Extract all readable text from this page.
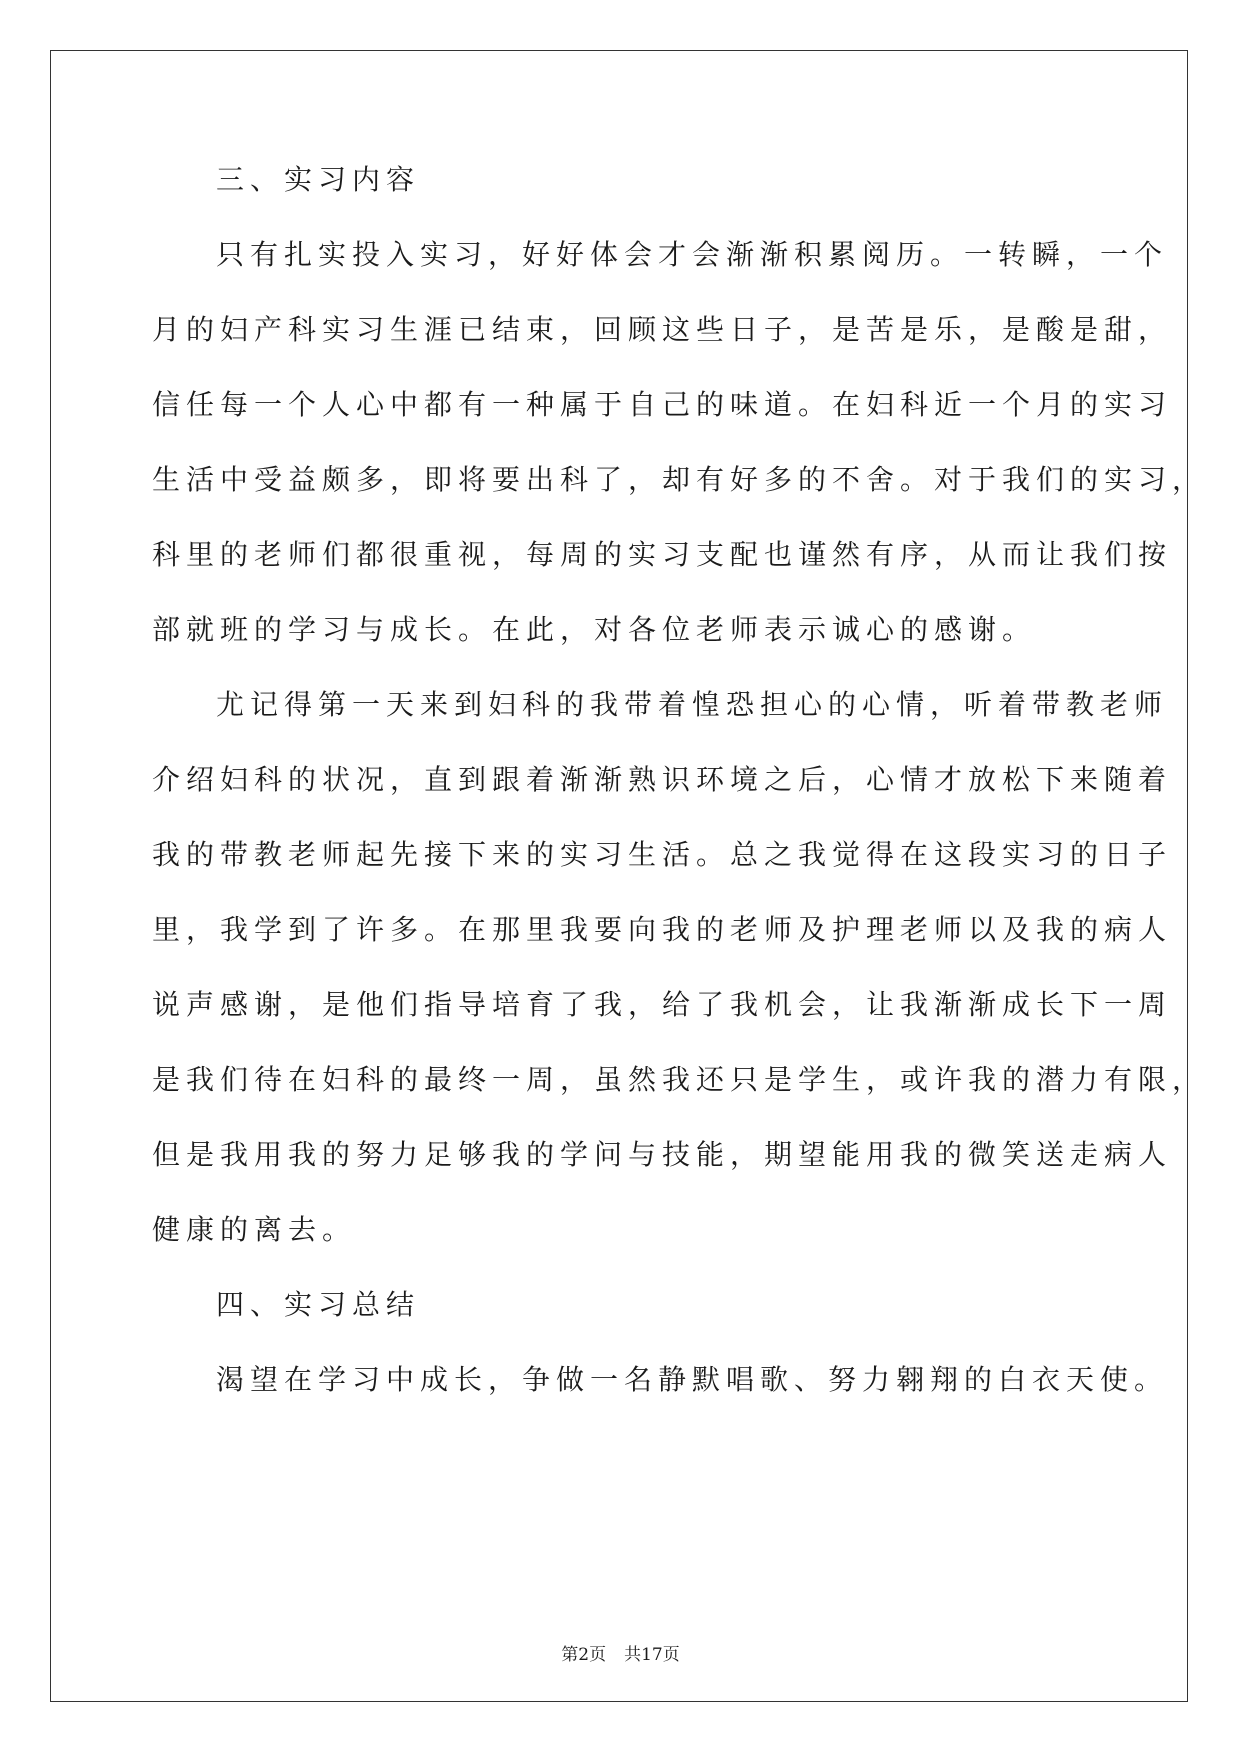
三、实习内容
只有扎实投入实习，好好体会才会渐渐积累阅历。一转瞬，一个
月的妇产科实习生涯已结束，回顾这些日子，是苦是乐，是酸是甜，
信任每一个人心中都有一种属于自己的味道。在妇科近一个月的实习
生活中受益颇多，即将要出科了，却有好多的不舍。对于我们的实习，
科里的老师们都很重视，每周的实习支配也谨然有序，从而让我们按
部就班的学习与成长。在此，对各位老师表示诚心的感谢。
尤记得第一天来到妇科的我带着惶恐担心的心情，听着带教老师
介绍妇科的状况，直到跟着渐渐熟识环境之后，心情才放松下来随着
我的带教老师起先接下来的实习生活。总之我觉得在这段实习的日子
里，我学到了许多。在那里我要向我的老师及护理老师以及我的病人
说声感谢，是他们指导培育了我，给了我机会，让我渐渐成长下一周
是我们待在妇科的最终一周，虽然我还只是学生，或许我的潜力有限，
但是我用我的努力足够我的学问与技能，期望能用我的微笑送走病人
健康的离去。
四、实习总结
渴望在学习中成长，争做一名静默唱歌、努力翱翔的白衣天使。
第2页 共17页
